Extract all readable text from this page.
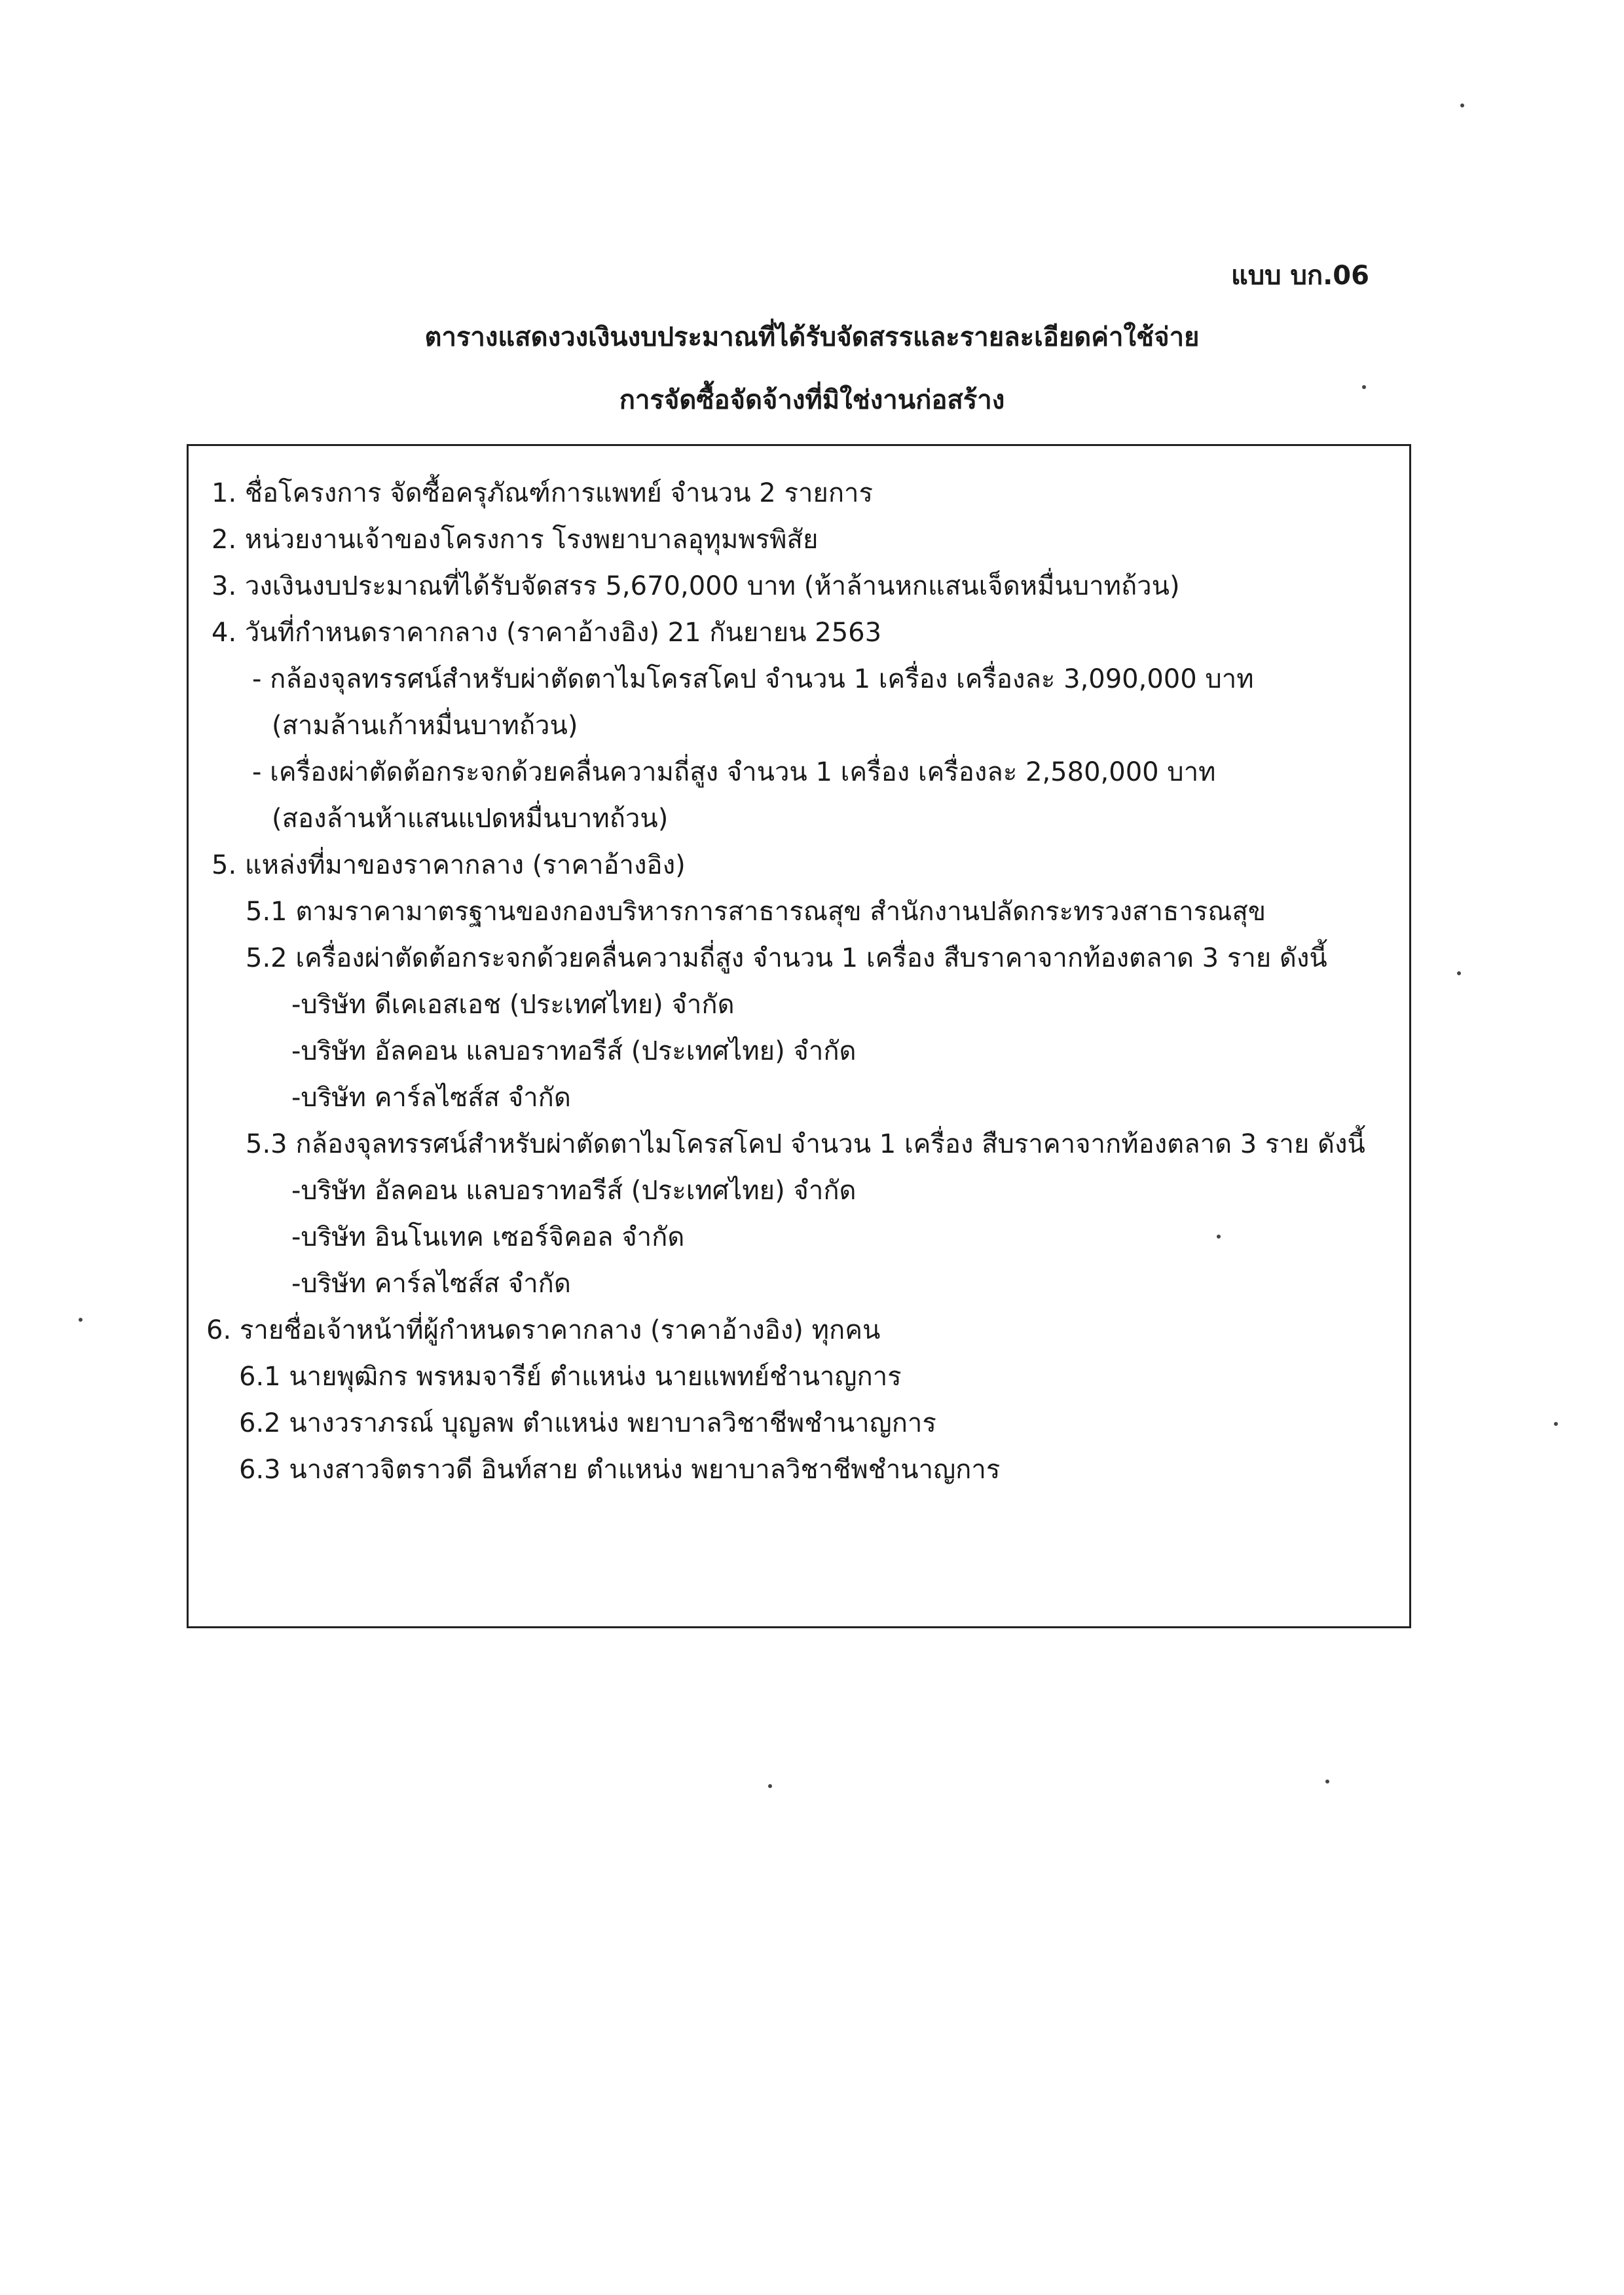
แบบ บก.06
ตารางแสดงวงเงินงบประมาณที่ได้รับจัดสรรและรายละเอียดค่าใช้จ่าย
การจัดซื้อจัดจ้างที่มิใช่งานก่อสร้าง
1. ชื่อโครงการ จัดซื้อครุภัณฑ์การแพทย์ จำนวน 2 รายการ
2. หน่วยงานเจ้าของโครงการ โรงพยาบาลอุทุมพรพิสัย
3. วงเงินงบประมาณที่ได้รับจัดสรร 5,670,000 บาท (ห้าล้านหกแสนเจ็ดหมื่นบาทถ้วน)
4. วันที่กำหนดราคากลาง (ราคาอ้างอิง) 21 กันยายน 2563
- กล้องจุลทรรศน์สำหรับผ่าตัดตาไมโครสโคป จำนวน 1 เครื่อง เครื่องละ 3,090,000 บาท
(สามล้านเก้าหมื่นบาทถ้วน)
- เครื่องผ่าตัดต้อกระจกด้วยคลื่นความถี่สูง จำนวน 1 เครื่อง เครื่องละ 2,580,000 บาท
(สองล้านห้าแสนแปดหมื่นบาทถ้วน)
5. แหล่งที่มาของราคากลาง (ราคาอ้างอิง)
5.1 ตามราคามาตรฐานของกองบริหารการสาธารณสุข สำนักงานปลัดกระทรวงสาธารณสุข
5.2 เครื่องผ่าตัดต้อกระจกด้วยคลื่นความถี่สูง จำนวน 1 เครื่อง สืบราคาจากท้องตลาด 3 ราย ดังนี้
-บริษัท ดีเคเอสเอช (ประเทศไทย) จำกัด
-บริษัท อัลคอน แลบอราทอรีส์ (ประเทศไทย) จำกัด
-บริษัท คาร์ลไซส์ส จำกัด
5.3 กล้องจุลทรรศน์สำหรับผ่าตัดตาไมโครสโคป จำนวน 1 เครื่อง สืบราคาจากท้องตลาด 3 ราย ดังนี้
-บริษัท อัลคอน แลบอราทอรีส์ (ประเทศไทย) จำกัด
-บริษัท อินโนเทค เซอร์จิคอล จำกัด
-บริษัท คาร์ลไซส์ส จำกัด
6. รายชื่อเจ้าหน้าที่ผู้กำหนดราคากลาง (ราคาอ้างอิง) ทุกคน
6.1 นายพุฒิกร พรหมจารีย์ ตำแหน่ง นายแพทย์ชำนาญการ
6.2 นางวราภรณ์ บุญลพ ตำแหน่ง พยาบาลวิชาชีพชำนาญการ
6.3 นางสาวจิตราวดี อินท์สาย ตำแหน่ง พยาบาลวิชาชีพชำนาญการ
